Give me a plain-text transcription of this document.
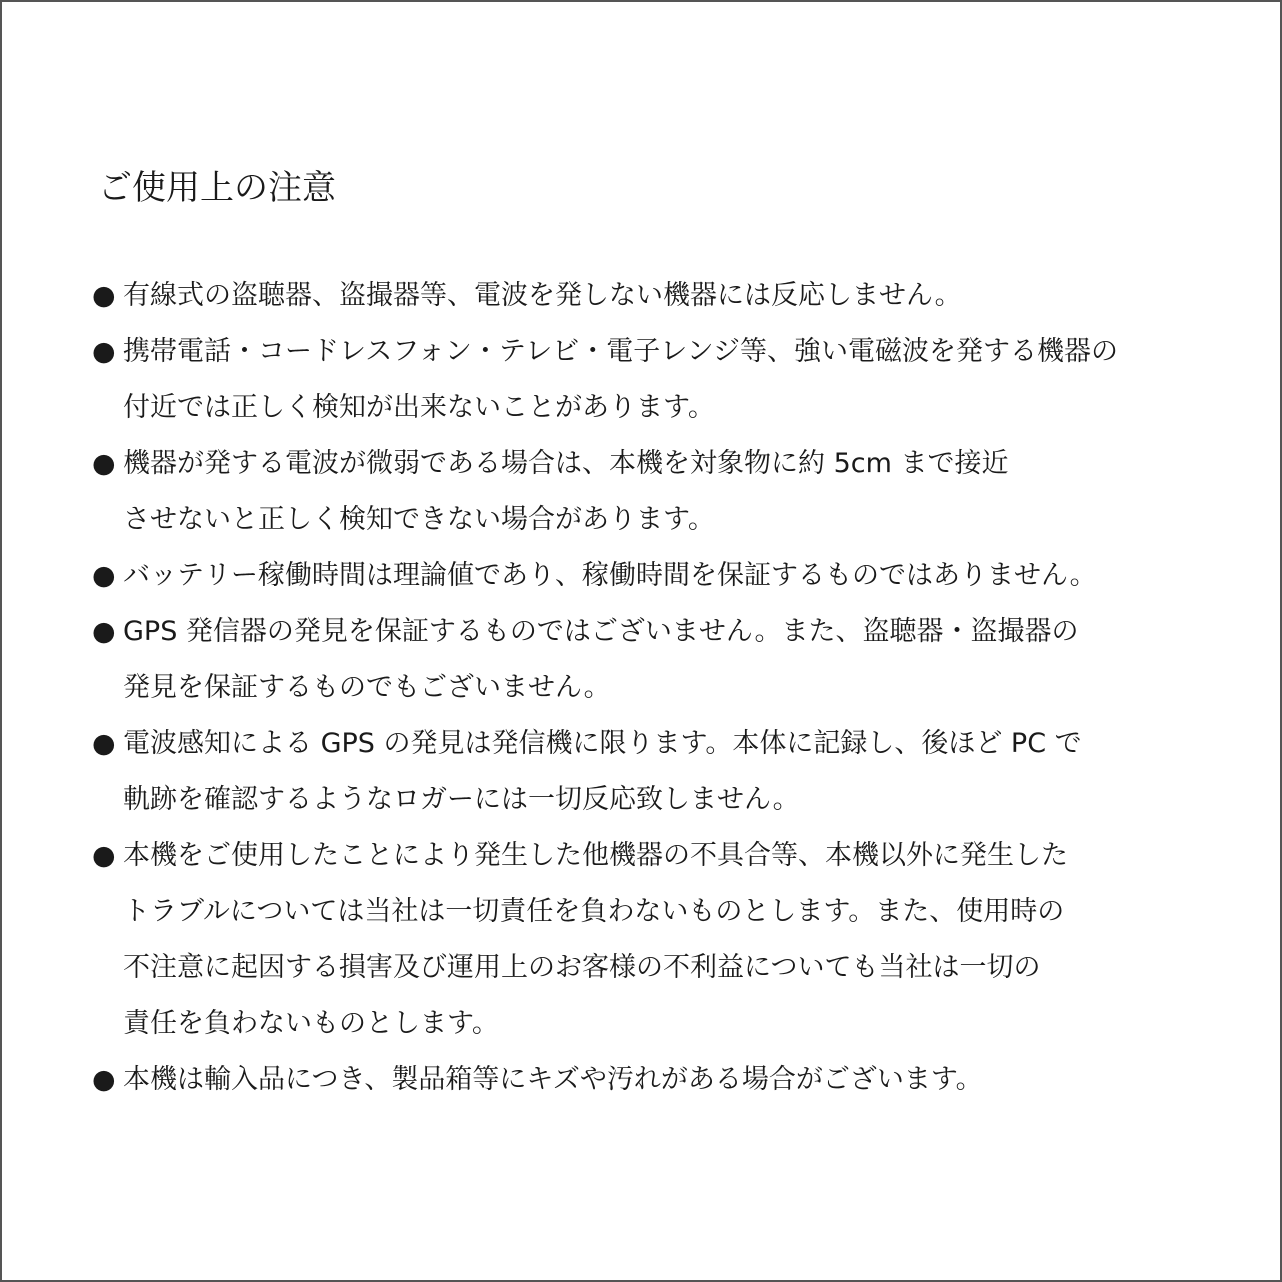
ご使用上の注意
● 有線式の盗聴器、盗撮器等、電波を発しない機器には反応しません。
● 携帯電話・コードレスフォン・テレビ・電子レンジ等、強い電磁波を発する機器の
付近では正しく検知が出来ないことがあります。
● 機器が発する電波が微弱である場合は、本機を対象物に約 5cm まで接近
させないと正しく検知できない場合があります。
● バッテリー稼働時間は理論値であり、稼働時間を保証するものではありません。
● GPS 発信器の発見を保証するものではございません。また、盗聴器・盗撮器の
発見を保証するものでもございません。
● 電波感知による GPS の発見は発信機に限ります。本体に記録し、後ほど PC で
軌跡を確認するようなロガーには一切反応致しません。
● 本機をご使用したことにより発生した他機器の不具合等、本機以外に発生した
トラブルについては当社は一切責任を負わないものとします。また、使用時の
不注意に起因する損害及び運用上のお客様の不利益についても当社は一切の
責任を負わないものとします。
● 本機は輸入品につき、製品箱等にキズや汚れがある場合がございます。
